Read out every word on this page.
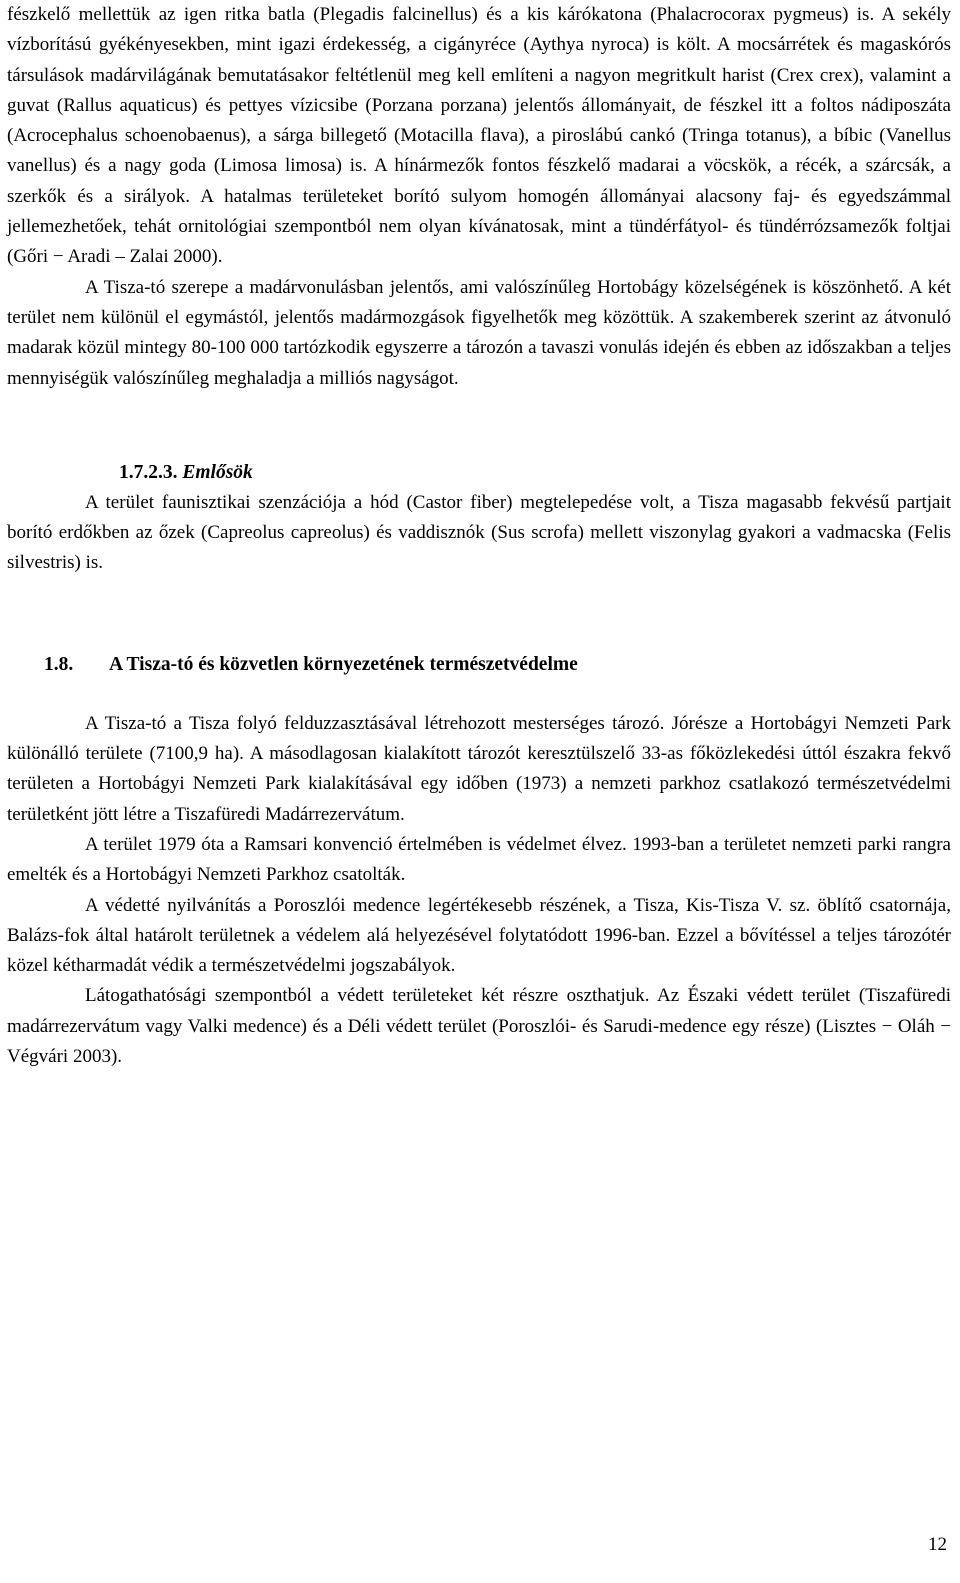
fészkelő mellettük az igen ritka batla (Plegadis falcinellus) és a kis kárókatona (Phalacrocorax pygmeus) is. A sekély vízborítású gyékényesekben, mint igazi érdekesség, a cigányréce (Aythya nyroca) is költ. A mocsárrétek és magaskórós társulások madárvilágának bemutatásakor feltétlenül meg kell említeni a nagyon megritkult harist (Crex crex), valamint a guvat (Rallus aquaticus) és pettyes vízicsibe (Porzana porzana) jelentős állományait, de fészkel itt a foltos nádiposzáta (Acrocephalus schoenobaenus), a sárga billegető (Motacilla flava), a piroslábú cankó (Tringa totanus), a bíbic (Vanellus vanellus) és a nagy goda (Limosa limosa) is. A hínármezők fontos fészkelő madarai a vöcskök, a récék, a szárcsák, a szerkők és a sirályok. A hatalmas területeket borító sulyom homogén állományai alacsony faj- és egyedszámmal jellemezhetőek, tehát ornitológiai szempontból nem olyan kívánatosak, mint a tündérfátyol- és tündérrózsamezők foltjai (Gőri − Aradi – Zalai 2000).

A Tisza-tó szerepe a madárvonulásban jelentős, ami valószínűleg Hortobágy közelségének is köszönhető. A két terület nem különül el egymástól, jelentős madármozgások figyelhetők meg közöttük. A szakemberek szerint az átvonuló madarak közül mintegy 80-100 000 tartózkodik egyszerre a tározón a tavaszi vonulás idején és ebben az időszakban a teljes mennyiségük valószínűleg meghaladja a milliós nagyságot.

1.7.2.3. Emlősök

A terület faunisztikai szenzációja a hód (Castor fiber) megtelepedése volt, a Tisza magasabb fekvésű partjait borító erdőkben az őzek (Capreolus capreolus) és vaddisznók (Sus scrofa) mellett viszonylag gyakori a vadmacska (Felis silvestris) is.

1.8. A Tisza-tó és közvetlen környezetének természetvédelme

A Tisza-tó a Tisza folyó felduzzasztásával létrehozott mesterséges tározó. Jórésze a Hortobágyi Nemzeti Park különálló területe (7100,9 ha). A másodlagosan kialakított tározót keresztülszelő 33-as főközlekedési úttól északra fekvő területen a Hortobágyi Nemzeti Park kialakításával egy időben (1973) a nemzeti parkhoz csatlakozó természetvédelmi területként jött létre a Tiszafüredi Madárrezervátum.

A terület 1979 óta a Ramsari konvenció értelmében is védelmet élvez. 1993-ban a területet nemzeti parki rangra emelték és a Hortobágyi Nemzeti Parkhoz csatolták.

A védetté nyilvánítás a Poroszlói medence legértékesebb részének, a Tisza, Kis-Tisza V. sz. öblítő csatornája, Balázs-fok által határolt területnek a védelem alá helyezésével folytatódott 1996-ban. Ezzel a bővítéssel a teljes tározótér közel kétharmadát védik a természetvédelmi jogszabályok.

Látogathatósági szempontból a védett területeket két részre oszthatjuk. Az Északi védett terület (Tiszafüredi madárrezervátum vagy Valki medence) és a Déli védett terület (Poroszlói- és Sarudi-medence egy része) (Lisztes − Oláh − Végvári 2003).

12
